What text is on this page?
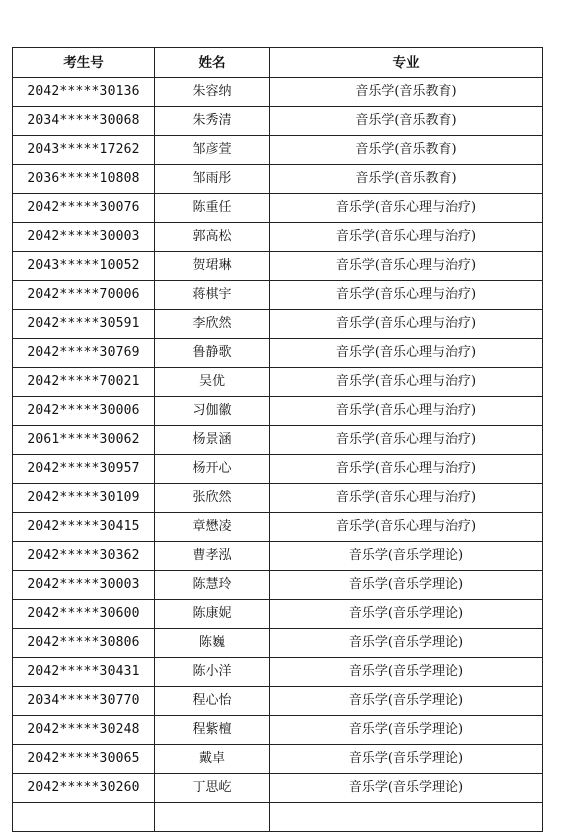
考生号	姓名	专业
2042*****30136	朱容纳	音乐学(音乐教育)
2034*****30068	朱秀清	音乐学(音乐教育)
2043*****17262	邹彦萱	音乐学(音乐教育)
2036*****10808	邹雨彤	音乐学(音乐教育)
2042*****30076	陈重任	音乐学(音乐心理与治疗)
2042*****30003	郭高松	音乐学(音乐心理与治疗)
2043*****10052	贺珺琳	音乐学(音乐心理与治疗)
2042*****70006	蒋棋宇	音乐学(音乐心理与治疗)
2042*****30591	李欣然	音乐学(音乐心理与治疗)
2042*****30769	鲁静歌	音乐学(音乐心理与治疗)
2042*****70021	吴优	音乐学(音乐心理与治疗)
2042*****30006	习伽徽	音乐学(音乐心理与治疗)
2061*****30062	杨景涵	音乐学(音乐心理与治疗)
2042*****30957	杨开心	音乐学(音乐心理与治疗)
2042*****30109	张欣然	音乐学(音乐心理与治疗)
2042*****30415	章懋凌	音乐学(音乐心理与治疗)
2042*****30362	曹孝泓	音乐学(音乐学理论)
2042*****30003	陈慧玲	音乐学(音乐学理论)
2042*****30600	陈康妮	音乐学(音乐学理论)
2042*****30806	陈巍	音乐学(音乐学理论)
2042*****30431	陈小洋	音乐学(音乐学理论)
2034*****30770	程心怡	音乐学(音乐学理论)
2042*****30248	程紫檀	音乐学(音乐学理论)
2042*****30065	戴卓	音乐学(音乐学理论)
2042*****30260	丁思屹	音乐学(音乐学理论)
